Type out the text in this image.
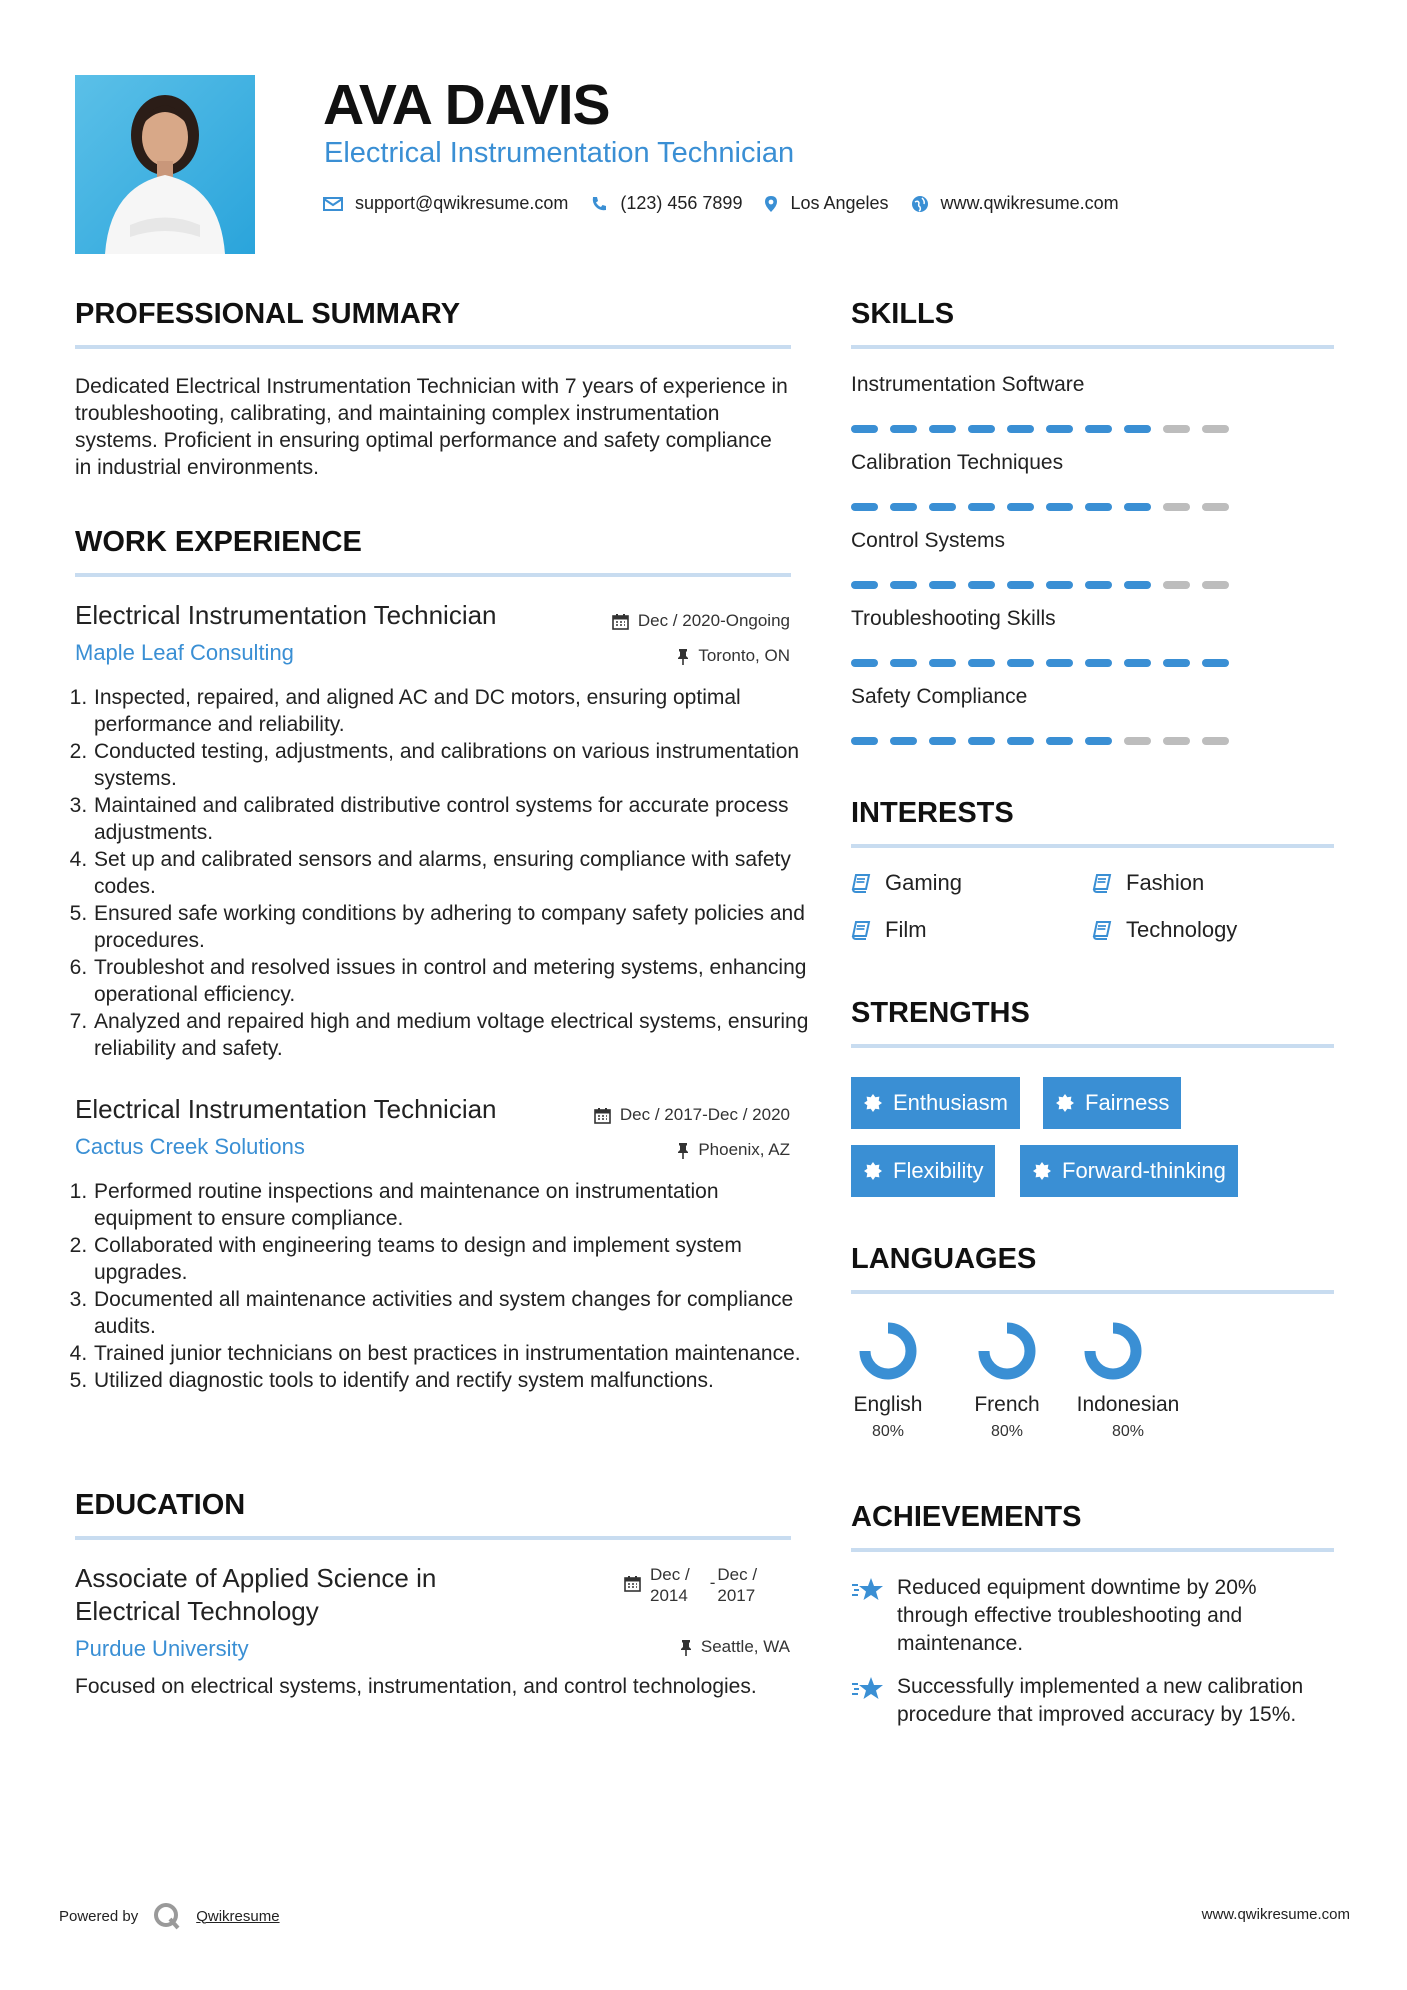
AVA DAVIS
Electrical Instrumentation Technician
support@qwikresume.com	(123) 456 7899	Los Angeles	www.qwikresume.com
PROFESSIONAL SUMMARY
Dedicated Electrical Instrumentation Technician with 7 years of experience in troubleshooting, calibrating, and maintaining complex instrumentation systems. Proficient in ensuring optimal performance and safety compliance in industrial environments.
WORK EXPERIENCE
Electrical Instrumentation Technician	Dec / 2020-Ongoing
Maple Leaf Consulting	Toronto, ON
1. Inspected, repaired, and aligned AC and DC motors, ensuring optimal performance and reliability.
2. Conducted testing, adjustments, and calibrations on various instrumentation systems.
3. Maintained and calibrated distributive control systems for accurate process adjustments.
4. Set up and calibrated sensors and alarms, ensuring compliance with safety codes.
5. Ensured safe working conditions by adhering to company safety policies and procedures.
6. Troubleshot and resolved issues in control and metering systems, enhancing operational efficiency.
7. Analyzed and repaired high and medium voltage electrical systems, ensuring reliability and safety.
Electrical Instrumentation Technician	Dec / 2017-Dec / 2020
Cactus Creek Solutions	Phoenix, AZ
1. Performed routine inspections and maintenance on instrumentation equipment to ensure compliance.
2. Collaborated with engineering teams to design and implement system upgrades.
3. Documented all maintenance activities and system changes for compliance audits.
4. Trained junior technicians on best practices in instrumentation maintenance.
5. Utilized diagnostic tools to identify and rectify system malfunctions.
EDUCATION
Associate of Applied Science in
Electrical Technology
Dec /
2014
- Dec /
2017
Purdue University	Seattle, WA
Focused on electrical systems, instrumentation, and control technologies.
SKILLS
Instrumentation Software
Calibration Techniques
Control Systems
Troubleshooting Skills
Safety Compliance
INTERESTS
Gaming	Fashion
Film	Technology
STRENGTHS
Enthusiasm	Fairness
Flexibility	Forward-thinking
LANGUAGES
English
80%
French
80%
Indonesian
80%
ACHIEVEMENTS
Reduced equipment downtime by 20% through effective troubleshooting and maintenance.
Successfully implemented a new calibration procedure that improved accuracy by 15%.
Powered by	Qwikresume	www.qwikresume.com
